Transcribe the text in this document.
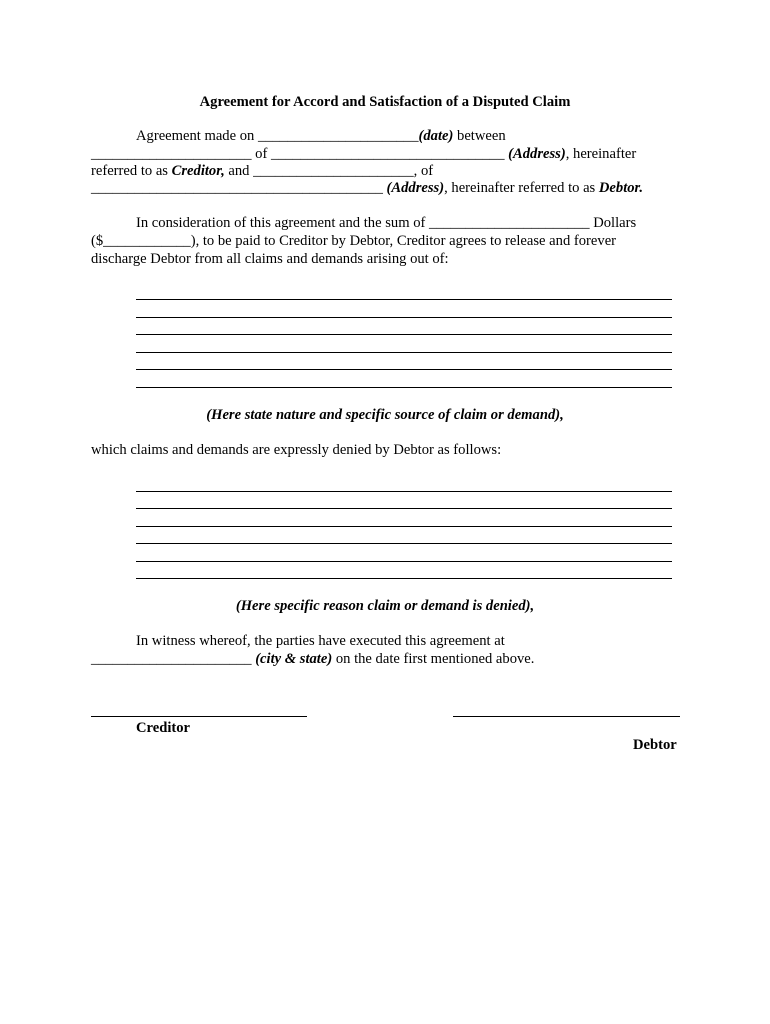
Agreement for Accord and Satisfaction of a Disputed Claim
Agreement made on ______________________(date) between
______________________ of ________________________________ (Address), hereinafter
referred to as Creditor, and ______________________, of
________________________________________ (Address), hereinafter referred to as Debtor.
In consideration of this agreement and the sum of ______________________ Dollars
($____________), to be paid to Creditor by Debtor, Creditor agrees to release and forever
discharge Debtor from all claims and demands arising out of:
(Here state nature and specific source of claim or demand),
which claims and demands are expressly denied by Debtor as follows:
(Here specific reason claim or demand is denied),
In witness whereof, the parties have executed this agreement at
______________________ (city & state) on the date first mentioned above.
Creditor
Debtor
